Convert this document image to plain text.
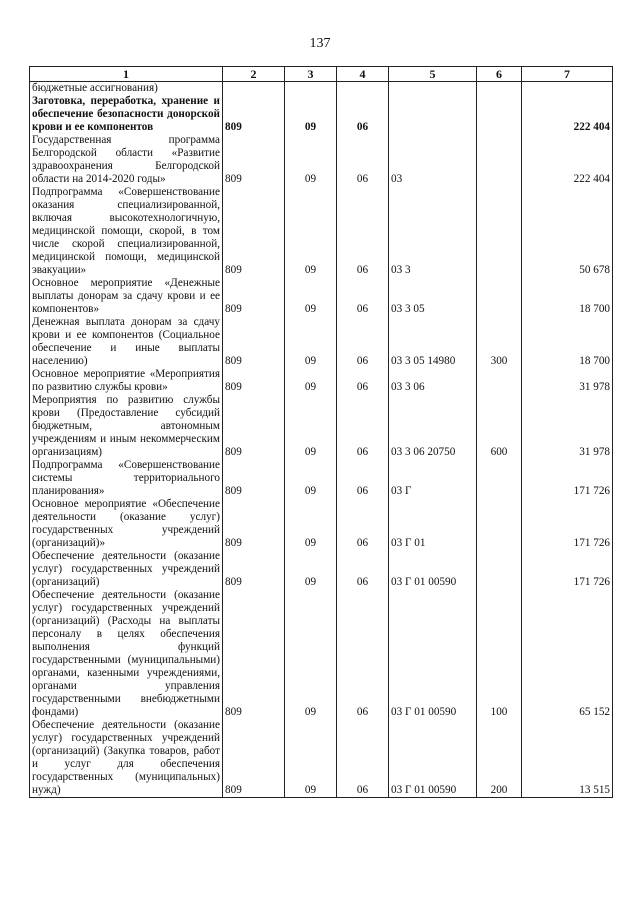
137
1	2	3	4	5	6	7
бюджетные ассигнования)						
Заготовка, переработка, хранение и обеспечение безопасности донорской крови и ее компонентов	809	09	06			222 404
Государственная программа Белгородской области «Развитие здравоохранения Белгородской области на 2014-2020 годы»	809	09	06	03		222 404
Подпрограмма «Совершенствование оказания специализированной, включая высокотехнологичную, медицинской помощи, скорой, в том числе скорой специализированной, медицинской помощи, медицинской эвакуации»	809	09	06	03 3		50 678
Основное мероприятие «Денежные выплаты донорам за сдачу крови и ее компонентов»	809	09	06	03 3 05		18 700
Денежная выплата донорам за сдачу крови и ее компонентов (Социальное обеспечение и иные выплаты населению)	809	09	06	03 3 05 14980	300	18 700
Основное мероприятие «Мероприятия по развитию службы крови»	809	09	06	03 3 06		31 978
Мероприятия по развитию службы крови (Предоставление субсидий бюджетным, автономным учреждениям и иным некоммерческим организациям)	809	09	06	03 3 06 20750	600	31 978
Подпрограмма «Совершенствование системы территориального планирования»	809	09	06	03 Г		171 726
Основное мероприятие «Обеспечение деятельности (оказание услуг) государственных учреждений (организаций)»	809	09	06	03 Г 01		171 726
Обеспечение деятельности (оказание услуг) государственных учреждений (организаций)	809	09	06	03 Г 01 00590		171 726
Обеспечение деятельности (оказание услуг) государственных учреждений (организаций) (Расходы на выплаты персоналу в целях обеспечения выполнения функций государственными (муниципальными) органами, казенными учреждениями, органами управления государственными внебюджетными фондами)	809	09	06	03 Г 01 00590	100	65 152
Обеспечение деятельности (оказание услуг) государственных учреждений (организаций) (Закупка товаров, работ и услуг для обеспечения государственных (муниципальных) нужд)	809	09	06	03 Г 01 00590	200	13 515
